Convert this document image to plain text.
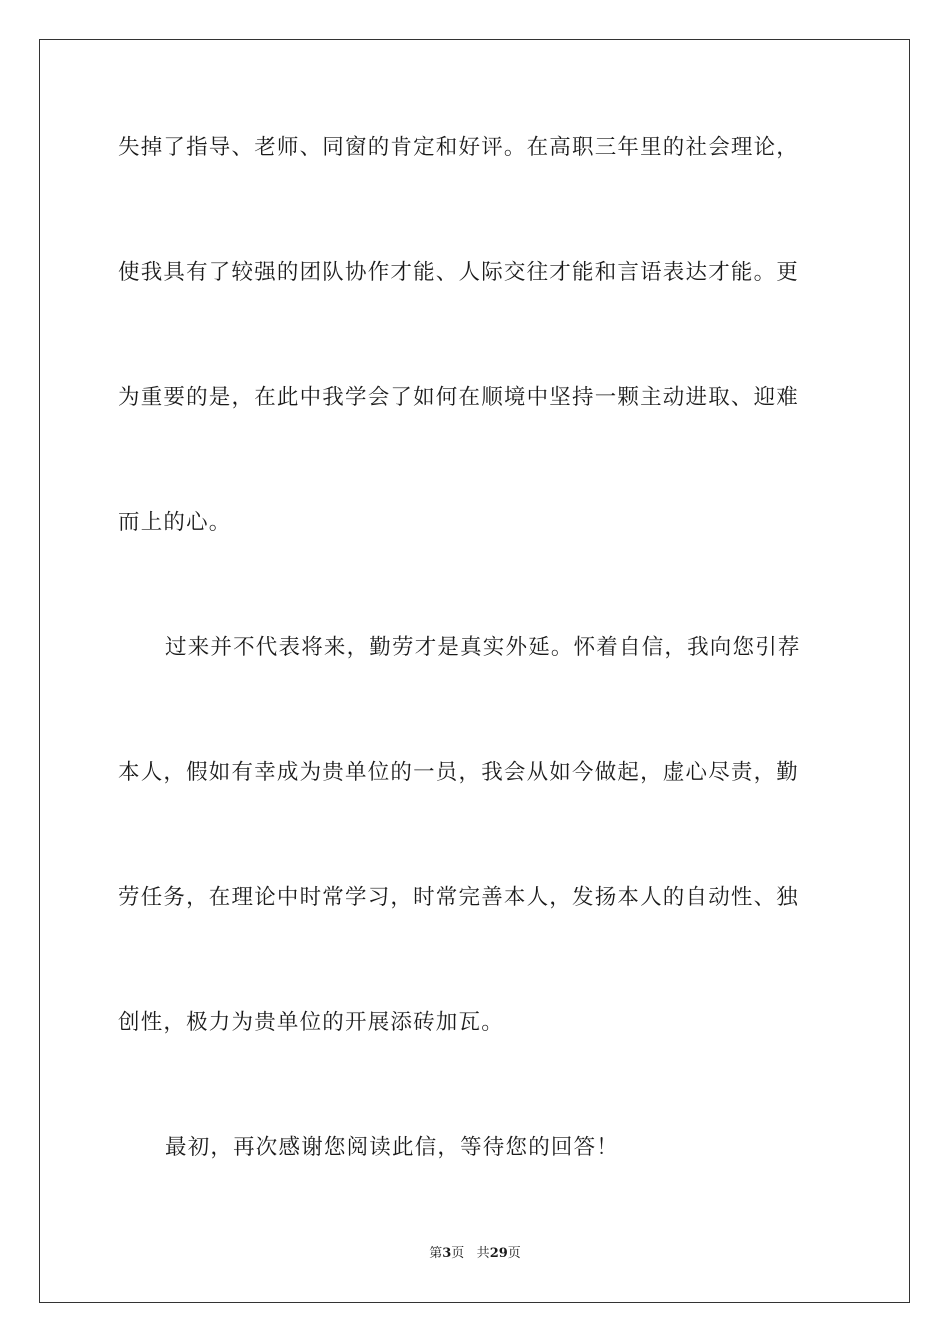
失掉了指导、老师、同窗的肯定和好评。在高职三年里的社会理论，
使我具有了较强的团队协作才能、人际交往才能和言语表达才能。更
为重要的是，在此中我学会了如何在顺境中坚持一颗主动进取、迎难
而上的心。
过来并不代表将来，勤劳才是真实外延。怀着自信，我向您引荐
本人，假如有幸成为贵单位的一员，我会从如今做起，虚心尽责，勤
劳任务，在理论中时常学习，时常完善本人，发扬本人的自动性、独
创性，极力为贵单位的开展添砖加瓦。
最初，再次感谢您阅读此信，等待您的回答！
第3页 共29页
